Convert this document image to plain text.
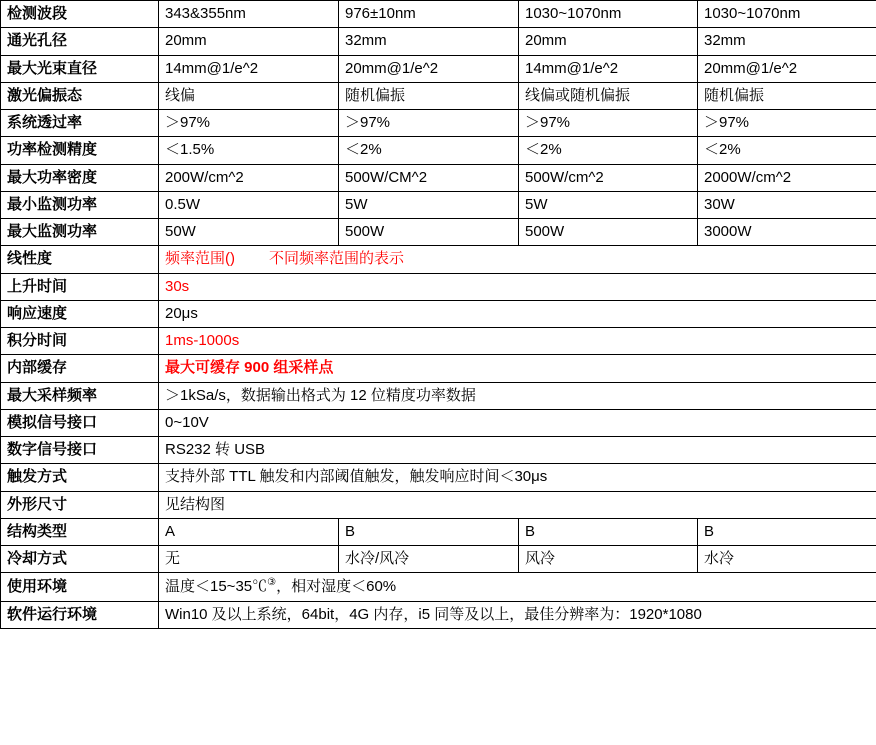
检测波段	343&355nm	976±10nm	1030~1070nm	1030~1070nm
通光孔径	20mm	32mm	20mm	32mm
最大光束直径	14mm@1/e^2	20mm@1/e^2	14mm@1/e^2	20mm@1/e^2
激光偏振态	线偏	随机偏振	线偏或随机偏振	随机偏振
系统透过率	＞97%	＞97%	＞97%	＞97%
功率检测精度	＜1.5%	＜2%	＜2%	＜2%
最大功率密度	200W/cm^2	500W/CM^2	500W/cm^2	2000W/cm^2
最小监测功率	0.5W	5W	5W	30W
最大监测功率	50W	500W	500W	3000W
线性度	频率范围() 不同频率范围的表示			
上升时间	30s			
响应速度	20μs			
积分时间	1ms-1000s			
内部缓存	最大可缓存 900 组采样点			
最大采样频率	＞1kSa/s，数据输出格式为 12 位精度功率数据			
模拟信号接口	0~10V			
数字信号接口	RS232 转 USB			
触发方式	支持外部 TTL 触发和内部阈值触发，触发响应时间＜30μs			
外形尺寸	见结构图			
结构类型	A	B	B	B
冷却方式	无	水冷/风冷	风冷	水冷
使用环境	温度＜15~35℃③，相对湿度＜60%			
软件运行环境	Win10 及以上系统，64bit，4G 内存，i5 同等及以上，最佳分辨率为：1920*1080			
